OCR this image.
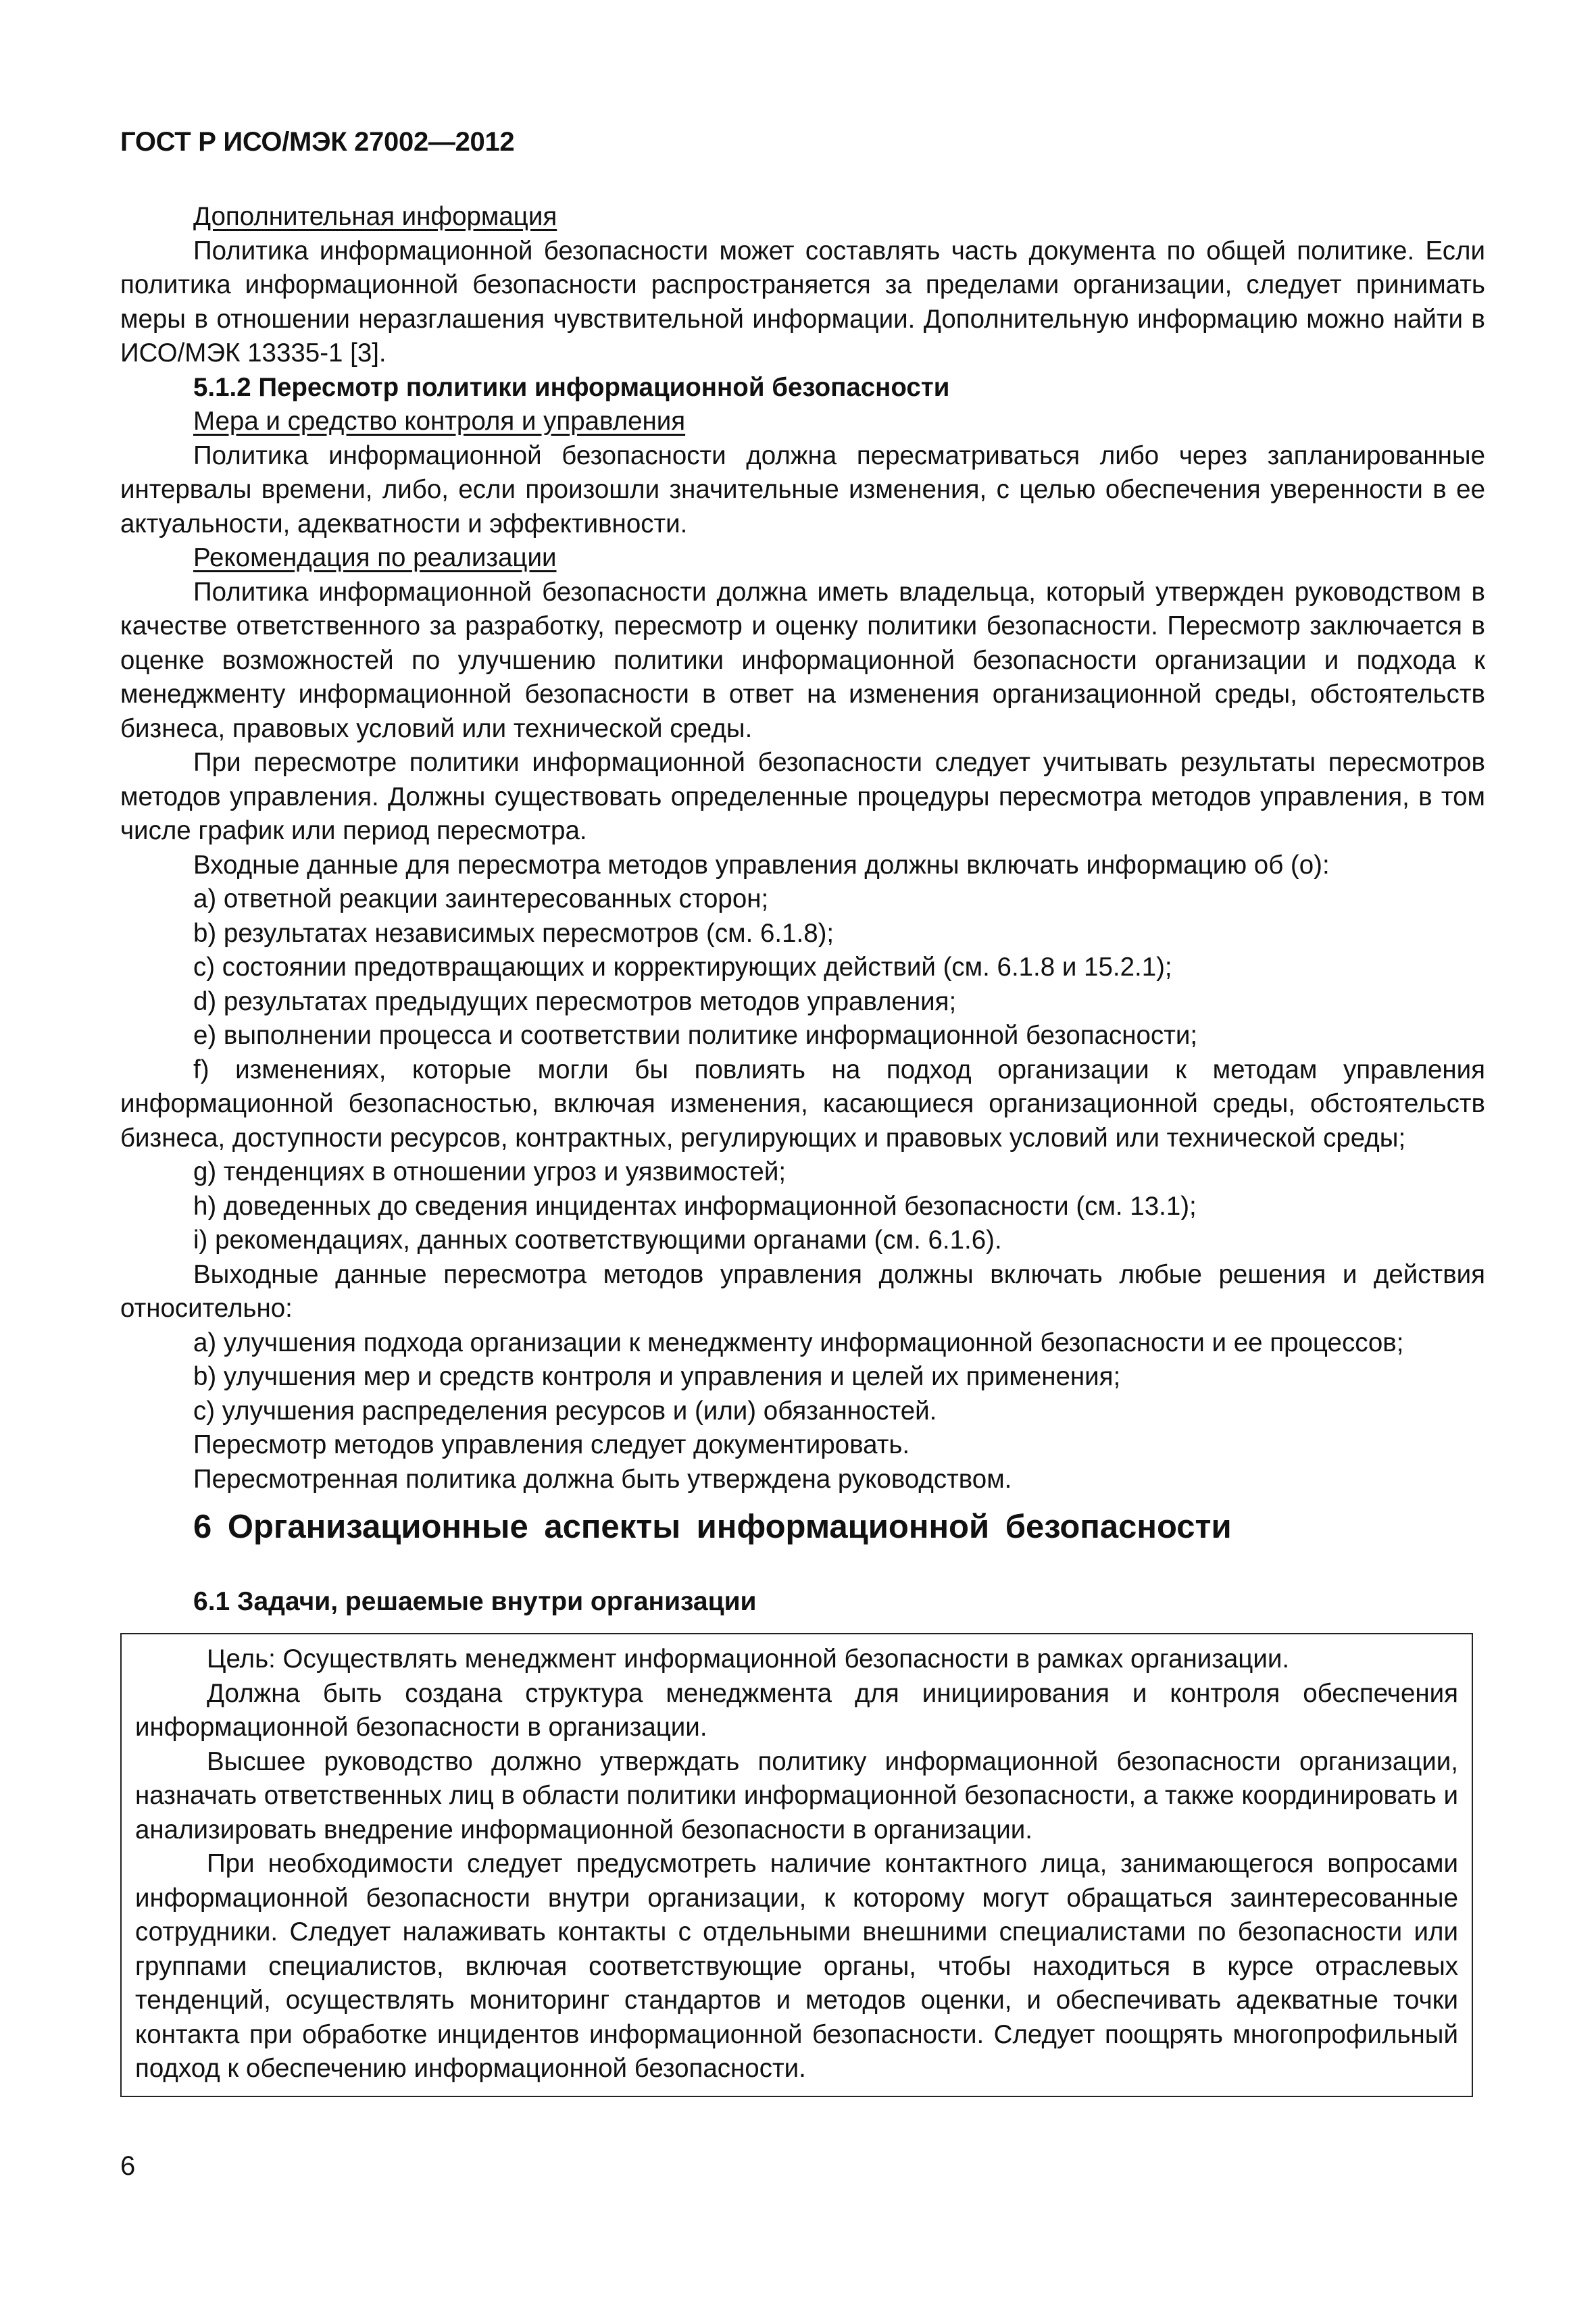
ГОСТ Р ИСО/МЭК 27002—2012

Дополнительная информация

Политика информационной безопасности может составлять часть документа по общей политике. Если политика информационной безопасности распространяется за пределами организации, следует принимать меры в отношении неразглашения чувствительной информации. Дополнительную информацию можно найти в ИСО/МЭК 13335-1 [3].

5.1.2 Пересмотр политики информационной безопасности

Мера и средство контроля и управления

Политика информационной безопасности должна пересматриваться либо через запланированные интервалы времени, либо, если произошли значительные изменения, с целью обеспечения уверенности в ее актуальности, адекватности и эффективности.

Рекомендация по реализации

Политика информационной безопасности должна иметь владельца, который утвержден руководством в качестве ответственного за разработку, пересмотр и оценку политики безопасности. Пересмотр заключается в оценке возможностей по улучшению политики информационной безопасности организации и подхода к менеджменту информационной безопасности в ответ на изменения организационной среды, обстоятельств бизнеса, правовых условий или технической среды.

При пересмотре политики информационной безопасности следует учитывать результаты пересмотров методов управления. Должны существовать определенные процедуры пересмотра методов управления, в том числе график или период пересмотра.

Входные данные для пересмотра методов управления должны включать информацию об (о):

a) ответной реакции заинтересованных сторон;

b) результатах независимых пересмотров (см. 6.1.8);

c) состоянии предотвращающих и корректирующих действий (см. 6.1.8 и 15.2.1);

d) результатах предыдущих пересмотров методов управления;

e) выполнении процесса и соответствии политике информационной безопасности;

f) изменениях, которые могли бы повлиять на подход организации к методам управления информационной безопасностью, включая изменения, касающиеся организационной среды, обстоятельств бизнеса, доступности ресурсов, контрактных, регулирующих и правовых условий или технической среды;

g) тенденциях в отношении угроз и уязвимостей;

h) доведенных до сведения инцидентах информационной безопасности (см. 13.1);

i) рекомендациях, данных соответствующими органами (см. 6.1.6).

Выходные данные пересмотра методов управления должны включать любые решения и действия относительно:

a) улучшения подхода организации к менеджменту информационной безопасности и ее процессов;

b) улучшения мер и средств контроля и управления и целей их применения;

c) улучшения распределения ресурсов и (или) обязанностей.

Пересмотр методов управления следует документировать.

Пересмотренная политика должна быть утверждена руководством.

6 Организационные аспекты информационной безопасности
6.1 Задачи, решаемые внутри организации

Цель: Осуществлять менеджмент информационной безопасности в рамках организации.

Должна быть создана структура менеджмента для инициирования и контроля обеспечения информационной безопасности в организации.

Высшее руководство должно утверждать политику информационной безопасности организации, назначать ответственных лиц в области политики информационной безопасности, а также координировать и анализировать внедрение информационной безопасности в организации.

При необходимости следует предусмотреть наличие контактного лица, занимающегося вопросами информационной безопасности внутри организации, к которому могут обращаться заинтересованные сотрудники. Следует налаживать контакты с отдельными внешними специалистами по безопасности или группами специалистов, включая соответствующие органы, чтобы находиться в курсе отраслевых тенденций, осуществлять мониторинг стандартов и методов оценки, и обеспечивать адекватные точки контакта при обработке инцидентов информационной безопасности. Следует поощрять многопрофильный подход к обеспечению информационной безопасности.

6
